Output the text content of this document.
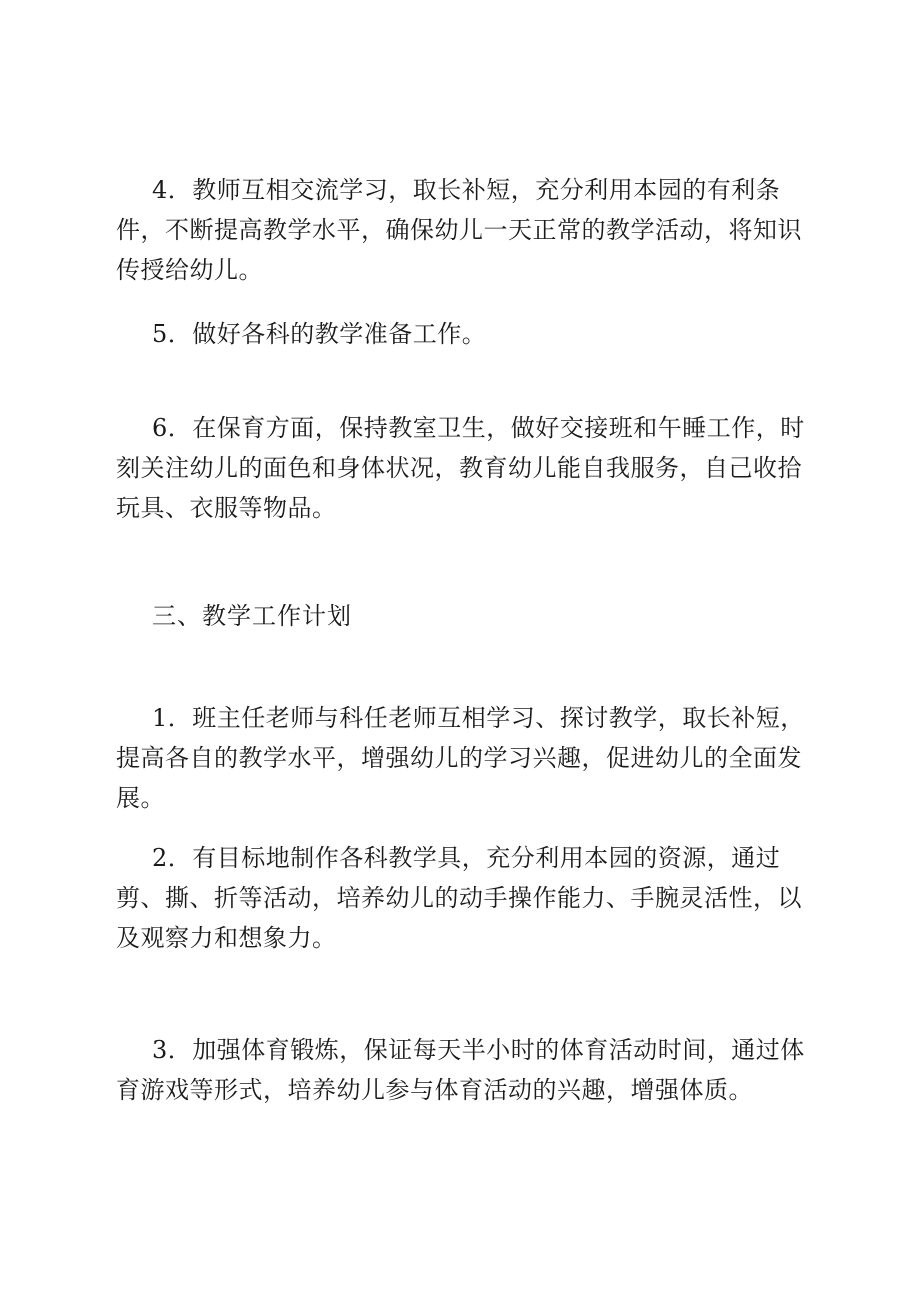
4．教师互相交流学习，取长补短，充分利用本园的有利条件，不断提高教学水平，确保幼儿一天正常的教学活动，将知识传授给幼儿。

5．做好各科的教学准备工作。

6．在保育方面，保持教室卫生，做好交接班和午睡工作，时刻关注幼儿的面色和身体状况，教育幼儿能自我服务，自己收拾玩具、衣服等物品。

三、教学工作计划

1．班主任老师与科任老师互相学习、探讨教学，取长补短，提高各自的教学水平，增强幼儿的学习兴趣，促进幼儿的全面发展。

2．有目标地制作各科教学具，充分利用本园的资源，通过剪、撕、折等活动，培养幼儿的动手操作能力、手腕灵活性，以及观察力和想象力。

3．加强体育锻炼，保证每天半小时的体育活动时间，通过体育游戏等形式，培养幼儿参与体育活动的兴趣，增强体质。
